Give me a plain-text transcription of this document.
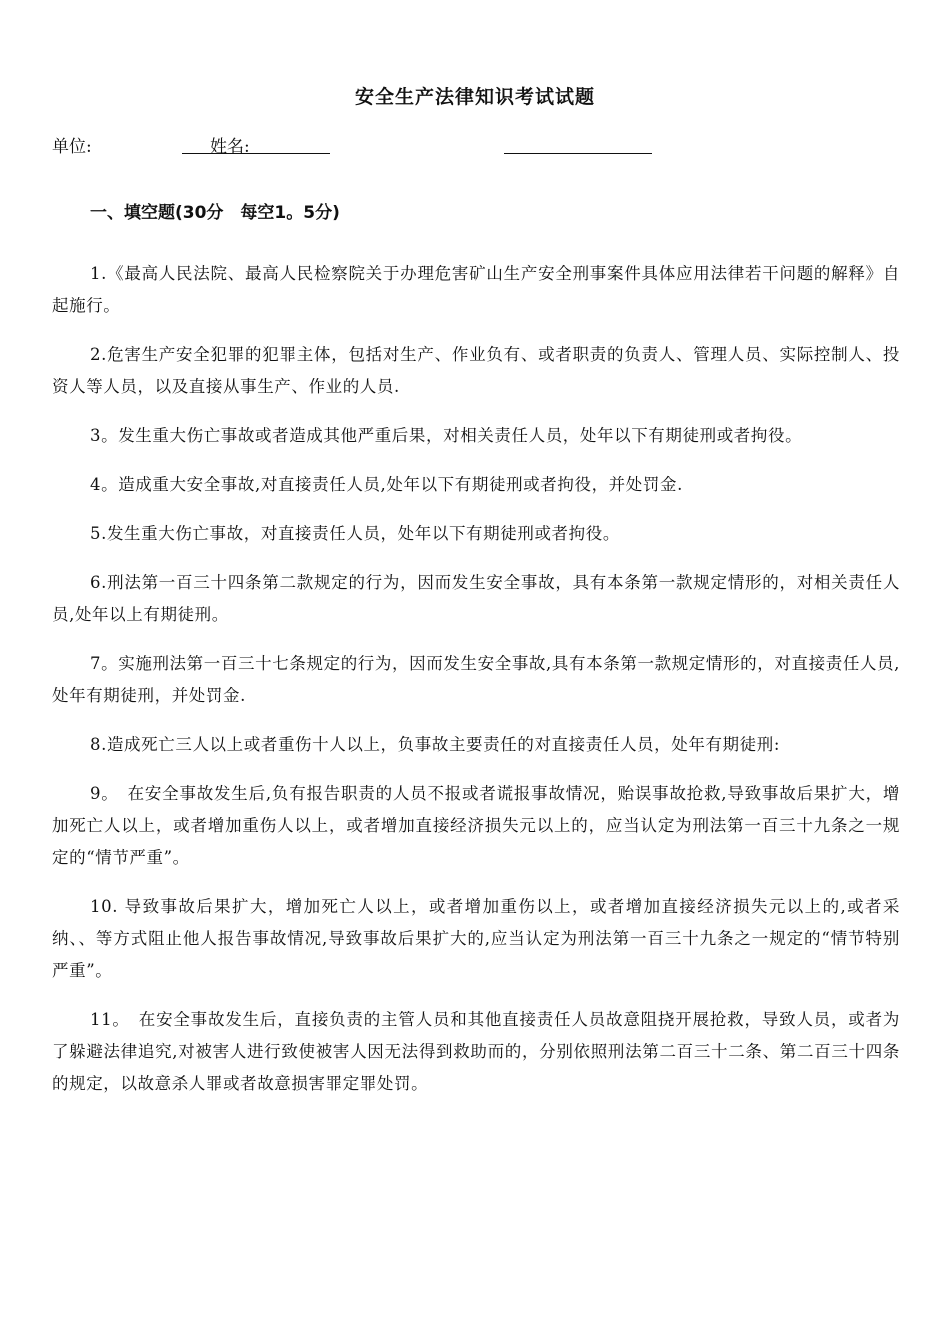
安全生产法律知识考试试题
单位:	姓名:
一、填空题(30分　每空1。5分)

1.《最高人民法院、最高人民检察院关于办理危害矿山生产安全刑事案件具体应用法律若干问题的解释》自起施行。

2.危害生产安全犯罪的犯罪主体，包括对生产、作业负有、或者职责的负责人、管理人员、实际控制人、投资人等人员，以及直接从事生产、作业的人员.

3。发生重大伤亡事故或者造成其他严重后果，对相关责任人员，处年以下有期徒刑或者拘役。

4。造成重大安全事故,对直接责任人员,处年以下有期徒刑或者拘役，并处罚金.

5.发生重大伤亡事故，对直接责任人员，处年以下有期徒刑或者拘役。

6.刑法第一百三十四条第二款规定的行为，因而发生安全事故，具有本条第一款规定情形的，对相关责任人员,处年以上有期徒刑。

7。实施刑法第一百三十七条规定的行为，因而发生安全事故,具有本条第一款规定情形的，对直接责任人员,处年有期徒刑，并处罚金.

8.造成死亡三人以上或者重伤十人以上，负事故主要责任的对直接责任人员，处年有期徒刑:

9。　在安全事故发生后,负有报告职责的人员不报或者谎报事故情况，贻误事故抢救,导致事故后果扩大，增加死亡人以上，或者增加重伤人以上，或者增加直接经济损失元以上的，应当认定为刑法第一百三十九条之一规定的“情节严重”。

10. 导致事故后果扩大，增加死亡人以上，或者增加重伤以上，或者增加直接经济损失元以上的,或者采纳、、等方式阻止他人报告事故情况,导致事故后果扩大的,应当认定为刑法第一百三十九条之一规定的“情节特别严重”。

11。　在安全事故发生后，直接负责的主管人员和其他直接责任人员故意阻挠开展抢救，导致人员，或者为了躲避法律追究,对被害人进行致使被害人因无法得到救助而的，分别依照刑法第二百三十二条、第二百三十四条的规定，以故意杀人罪或者故意损害罪定罪处罚。
